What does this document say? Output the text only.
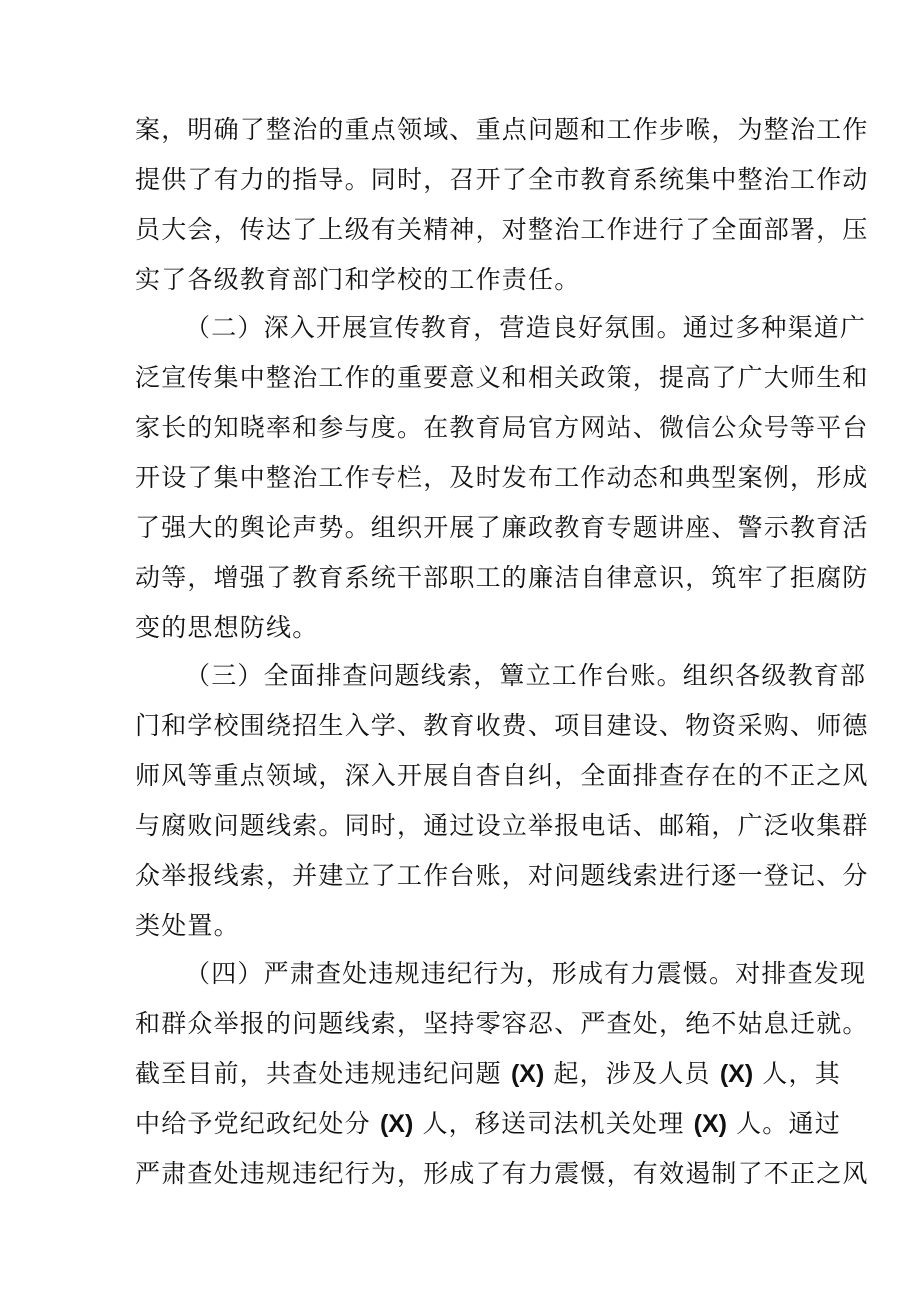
案，明确了整治的重点领域、重点问题和工作步喉，为整治工作
提供了有力的指导。同时，召开了全市教育系统集中整治工作动
员大会，传达了上级有关精神，对整治工作进行了全面部署，压
实了各级教育部门和学校的工作责任。
（二）深入开展宣传教育，营造良好氛围。通过多种渠道广
泛宣传集中整治工作的重要意义和相关政策，提高了广大师生和
家长的知晓率和参与度。在教育局官方网站、微信公众号等平台
开设了集中整治工作专栏，及时发布工作动态和典型案例，形成
了强大的舆论声势。组织开展了廉政教育专题讲座、警示教育活
动等，增强了教育系统干部职工的廉洁自律意识，筑牢了拒腐防
变的思想防线。
（三）全面排查问题线索，簟立工作台账。组织各级教育部
门和学校围绕招生入学、教育收费、项目建设、物资采购、师德
师风等重点领域，深入开展自杳自纠，全面排查存在的不正之风
与腐败问题线索。同时，通过设立举报电话、邮箱，广泛收集群
众举报线索，并建立了工作台账，对问题线索进行逐一登记、分
类处置。
（四）严肃查处违规违纪行为，形成有力震慑。对排查发现
和群众举报的问题线索，坚持零容忍、严查处，绝不姑息迁就。
截至目前，共查处违规违纪问题 (X) 起，涉及人员 (X) 人，其
中给予党纪政纪处分 (X) 人，移送司法机关处理 (X) 人。通过
严肃查处违规违纪行为，形成了有力震慑，有效遏制了不正之风
